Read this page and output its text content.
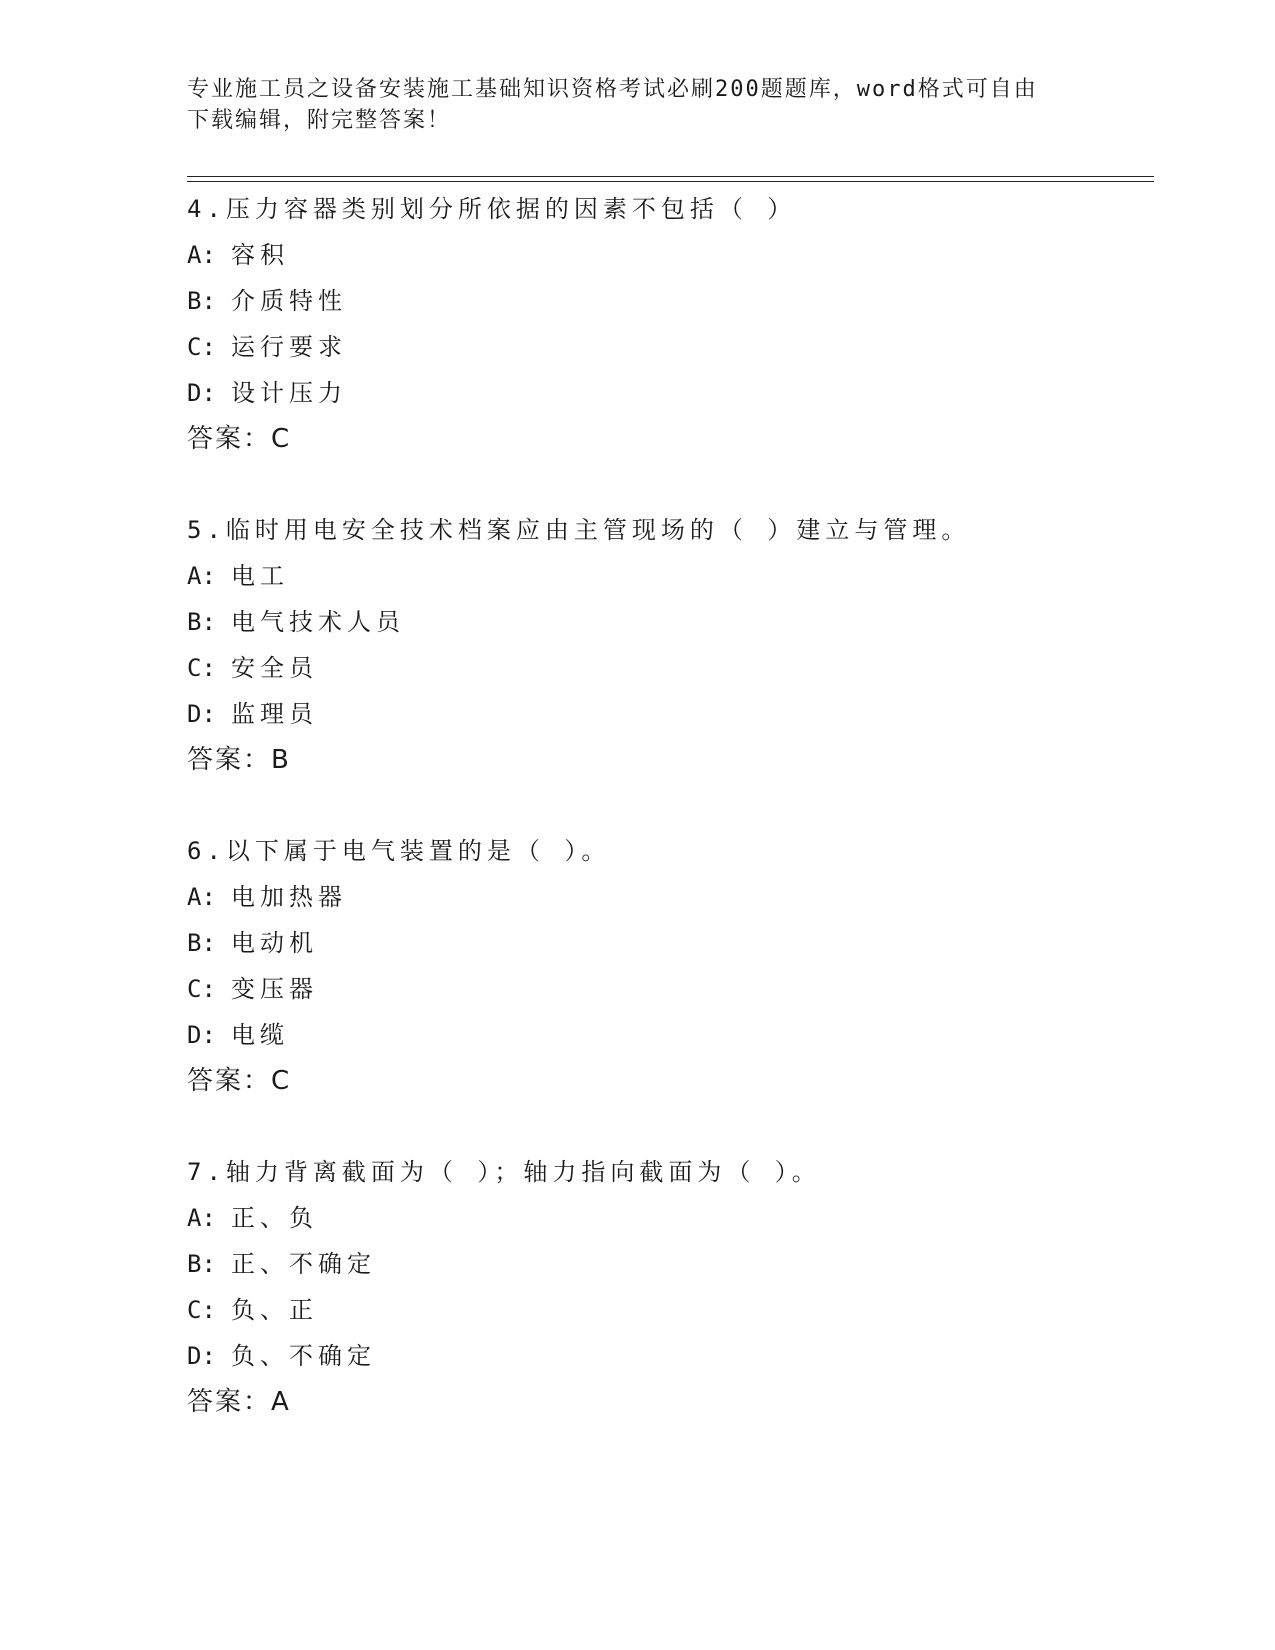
专业施工员之设备安装施工基础知识资格考试必刷200题题库，word格式可自由
下载编辑，附完整答案！
4.压力容器类别划分所依据的因素不包括（ ）
A: 容积
B: 介质特性
C: 运行要求
D: 设计压力
答案：C
5.临时用电安全技术档案应由主管现场的（ ）建立与管理。
A: 电工
B: 电气技术人员
C: 安全员
D: 监理员
答案：B
6.以下属于电气装置的是（ ）。
A: 电加热器
B: 电动机
C: 变压器
D: 电缆
答案：C
7.轴力背离截面为（ ）；轴力指向截面为（ ）。
A: 正、负
B: 正、不确定
C: 负、正
D: 负、不确定
答案：A
